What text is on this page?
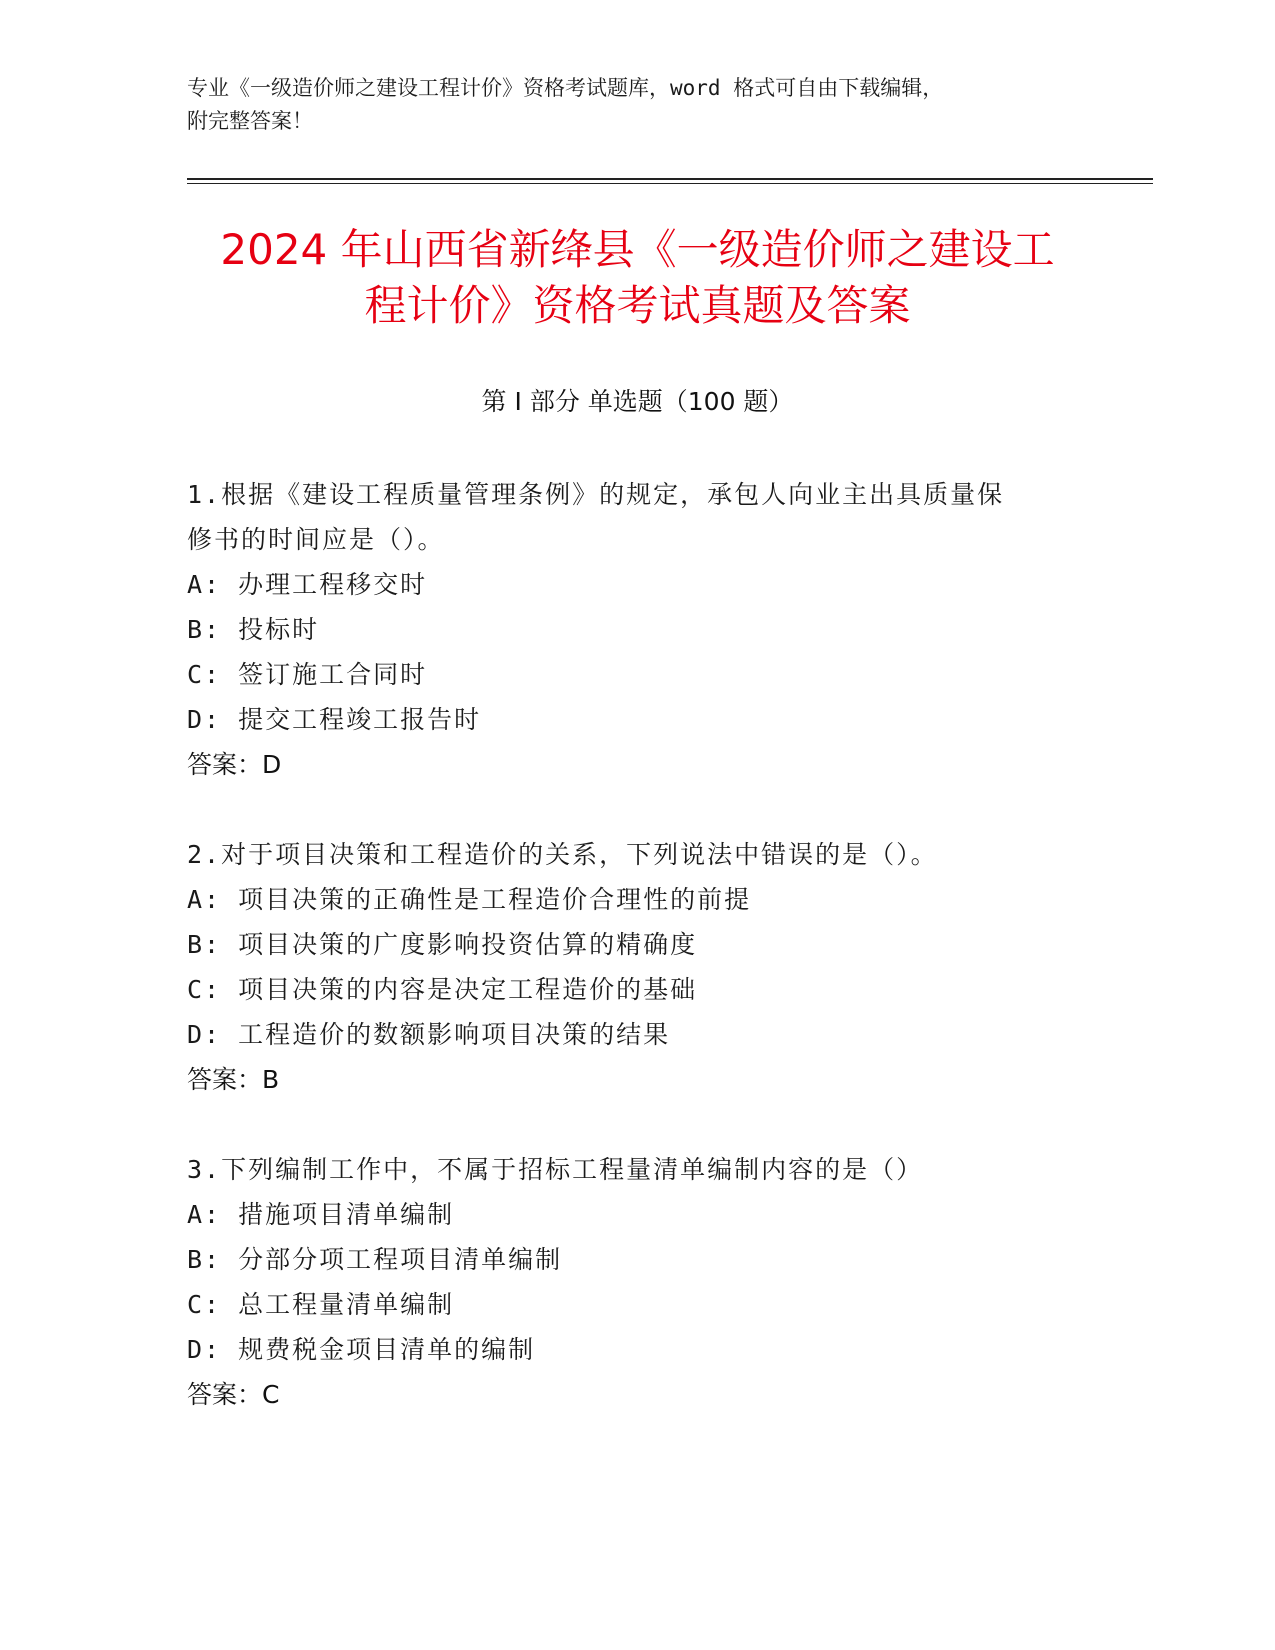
专业《一级造价师之建设工程计价》资格考试题库，word 格式可自由下载编辑，
附完整答案！
2024 年山西省新绛县《一级造价师之建设工
程计价》资格考试真题及答案
第 I 部分 单选题（100 题）
1.根据《建设工程质量管理条例》的规定，承包人向业主出具质量保
修书的时间应是（）。
A: 办理工程移交时
B: 投标时
C: 签订施工合同时
D: 提交工程竣工报告时
答案：D
2.对于项目决策和工程造价的关系，下列说法中错误的是（）。
A: 项目决策的正确性是工程造价合理性的前提
B: 项目决策的广度影响投资估算的精确度
C: 项目决策的内容是决定工程造价的基础
D: 工程造价的数额影响项目决策的结果
答案：B
3.下列编制工作中，不属于招标工程量清单编制内容的是（）
A: 措施项目清单编制
B: 分部分项工程项目清单编制
C: 总工程量清单编制
D: 规费税金项目清单的编制
答案：C
